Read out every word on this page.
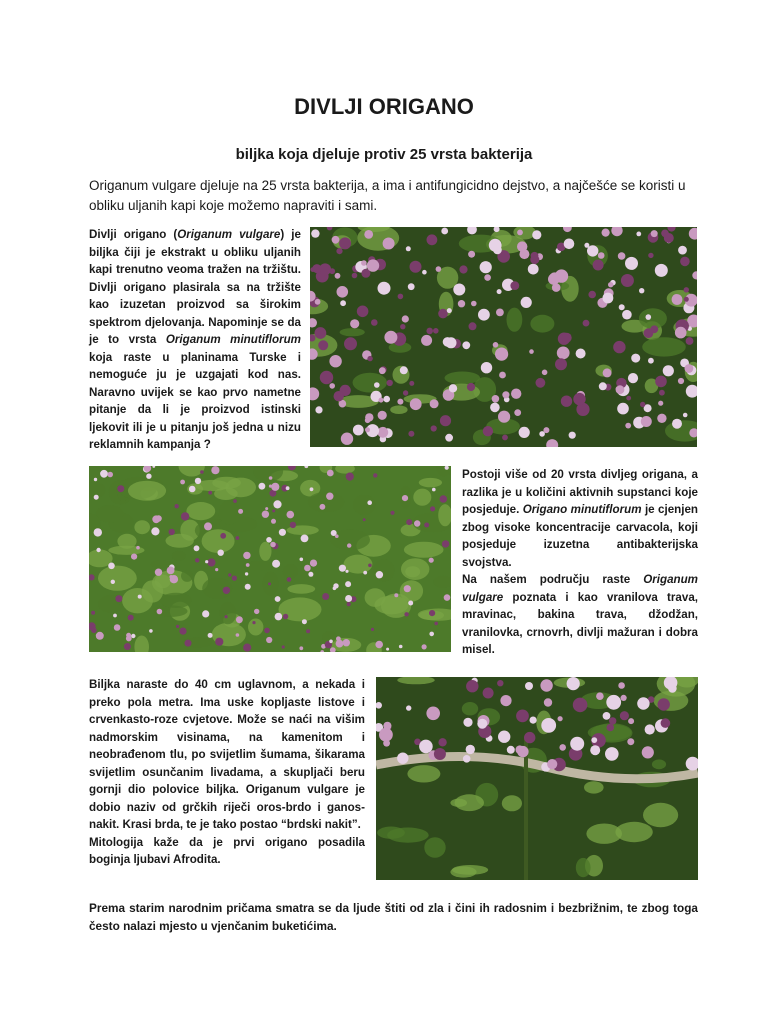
DIVLJI ORIGANO
biljka koja djeluje protiv 25 vrsta bakterija

Origanum vulgare djeluje na 25 vrsta bakterija, a ima i antifungicidno dejstvo, a najčešće se koristi u obliku uljanih kapi koje možemo napraviti i sami.

Divlji origano (Origanum vulgare) je biljka čiji je ekstrakt u obliku uljanih kapi trenutno veoma tražen na tržištu. Divlji origano plasirala sa na tržište kao izuzetan proizvod sa širokim spektrom djelovanja. Napominje se da je to vrsta Origanum minutiflorum koja raste u planinama Turske i nemoguće ju je uzgajati kod nas. Naravno uvijek se kao prvo nametne pitanje da li je proizvod istinski ljekovit ili je u pitanju još jedna u nizu reklamnih kampanja ?

Postoji više od 20 vrsta divljeg origana, a razlika je u količini aktivnih supstanci koje posjeduje. Origano minutiflorum je cjenjen zbog visoke koncentracije carvacola, koji posjeduje izuzetna antibakterijska svojstva.
Na našem području raste Origanum vulgare poznata i kao vranilova trava, mravinac, bakina trava, džodžan, vranilovka, crnovrh, divlji mažuran i dobra misel.

Biljka naraste do 40 cm uglavnom, a nekada i preko pola metra. Ima uske kopljaste listove i crvenkasto-roze cvjetove. Može se naći na višim nadmorskim visinama, na kamenitom i neobrađenom tlu, po svijetlim šumama, šikarama svijetlim osunčanim livadama, a skupljači beru gornji dio polovice biljka. Origanum vulgare je dobio naziv od grčkih riječi oros-brdo i ganos- nakit. Krasi brda, te je tako postao “brdski nakit”.
Mitologija kaže da je prvi origano posadila boginja ljubavi Afrodita.

Prema starim narodnim pričama smatra se da ljude štiti od zla i čini ih radosnim i bezbrižnim, te zbog toga često nalazi mjesto u vjenčanim buketićima.
